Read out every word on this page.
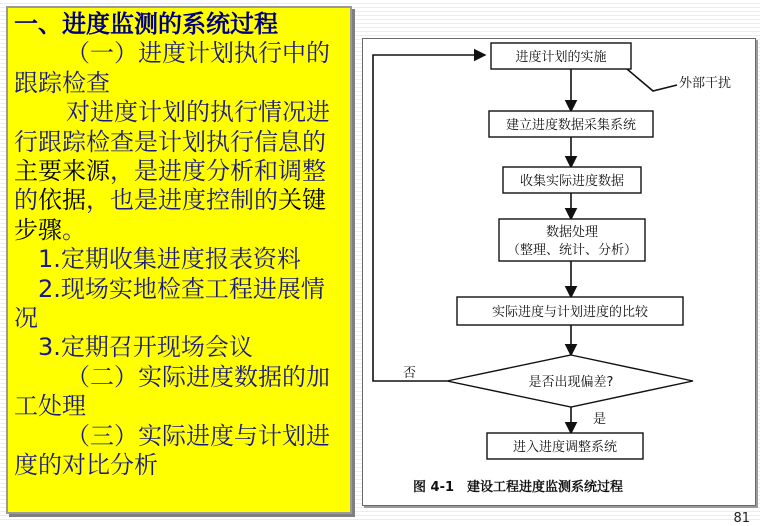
一、进度监测的系统过程

（一）进度计划执行中的跟踪检查

对进度计划的执行情况进行跟踪检查是计划执行信息的主要来源，是进度分析和调整的依据，也是进度控制的关键步骤。

1.定期收集进度报表资料

2.现场实地检查工程进展情况

3.定期召开现场会议

（二）实际进度数据的加工处理

（三）实际进度与计划进度的对比分析

进度计划的实施
外部干扰
建立进度数据采集系统
收集实际进度数据
数据处理
（整理、统计、分析）
实际进度与计划进度的比较
是否出现偏差?
否
是
进入进度调整系统
图 4-1　建设工程进度监测系统过程
81
